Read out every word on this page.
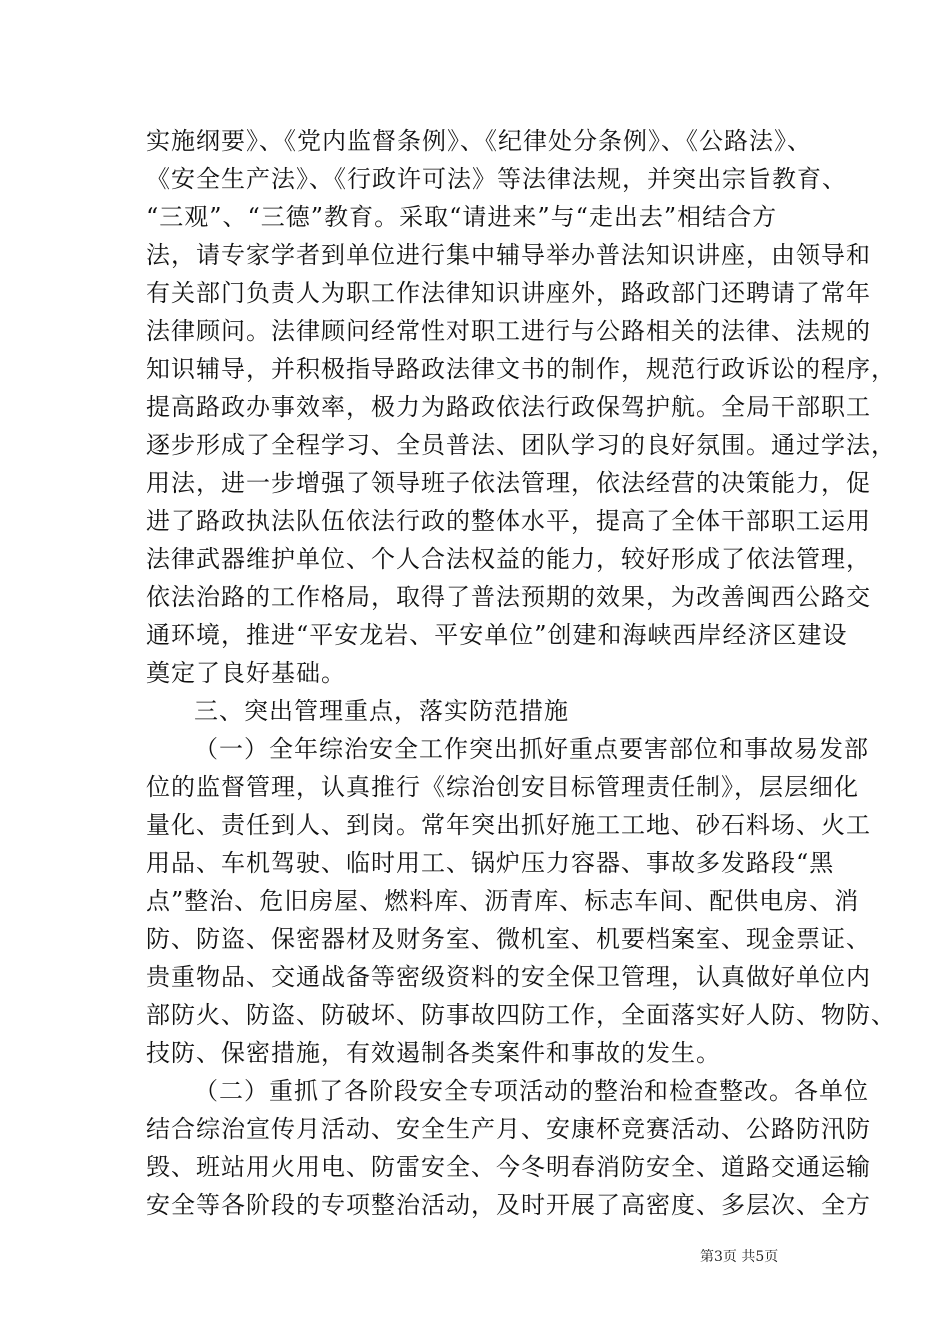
实施纲要》、《党内监督条例》、《纪律处分条例》、《公路法》、
《安全生产法》、《行政许可法》等法律法规，并突出宗旨教育、
“三观”、“三德”教育。采取“请进来”与“走出去”相结合方
法，请专家学者到单位进行集中辅导举办普法知识讲座，由领导和
有关部门负责人为职工作法律知识讲座外，路政部门还聘请了常年
法律顾问。法律顾问经常性对职工进行与公路相关的法律、法规的
知识辅导，并积极指导路政法律文书的制作，规范行政诉讼的程序，
提高路政办事效率，极力为路政依法行政保驾护航。全局干部职工
逐步形成了全程学习、全员普法、团队学习的良好氛围。通过学法，
用法，进一步增强了领导班子依法管理，依法经营的决策能力，促
进了路政执法队伍依法行政的整体水平，提高了全体干部职工运用
法律武器维护单位、个人合法权益的能力，较好形成了依法管理，
依法治路的工作格局，取得了普法预期的效果，为改善闽西公路交
通环境，推进“平安龙岩、平安单位”创建和海峡西岸经济区建设
奠定了良好基础。
三、突出管理重点，落实防范措施
（一）全年综治安全工作突出抓好重点要害部位和事故易发部
位的监督管理，认真推行《综治创安目标管理责任制》，层层细化
量化、责任到人、到岗。常年突出抓好施工工地、砂石料场、火工
用品、车机驾驶、临时用工、锅炉压力容器、事故多发路段“黑
点”整治、危旧房屋、燃料库、沥青库、标志车间、配供电房、消
防、防盗、保密器材及财务室、微机室、机要档案室、现金票证、
贵重物品、交通战备等密级资料的安全保卫管理，认真做好单位内
部防火、防盗、防破坏、防事故四防工作，全面落实好人防、物防、
技防、保密措施，有效遏制各类案件和事故的发生。
（二）重抓了各阶段安全专项活动的整治和检查整改。各单位
结合综治宣传月活动、安全生产月、安康杯竞赛活动、公路防汛防
毁、班站用火用电、防雷安全、今冬明春消防安全、道路交通运输
安全等各阶段的专项整治活动，及时开展了高密度、多层次、全方
第3页 共5页
